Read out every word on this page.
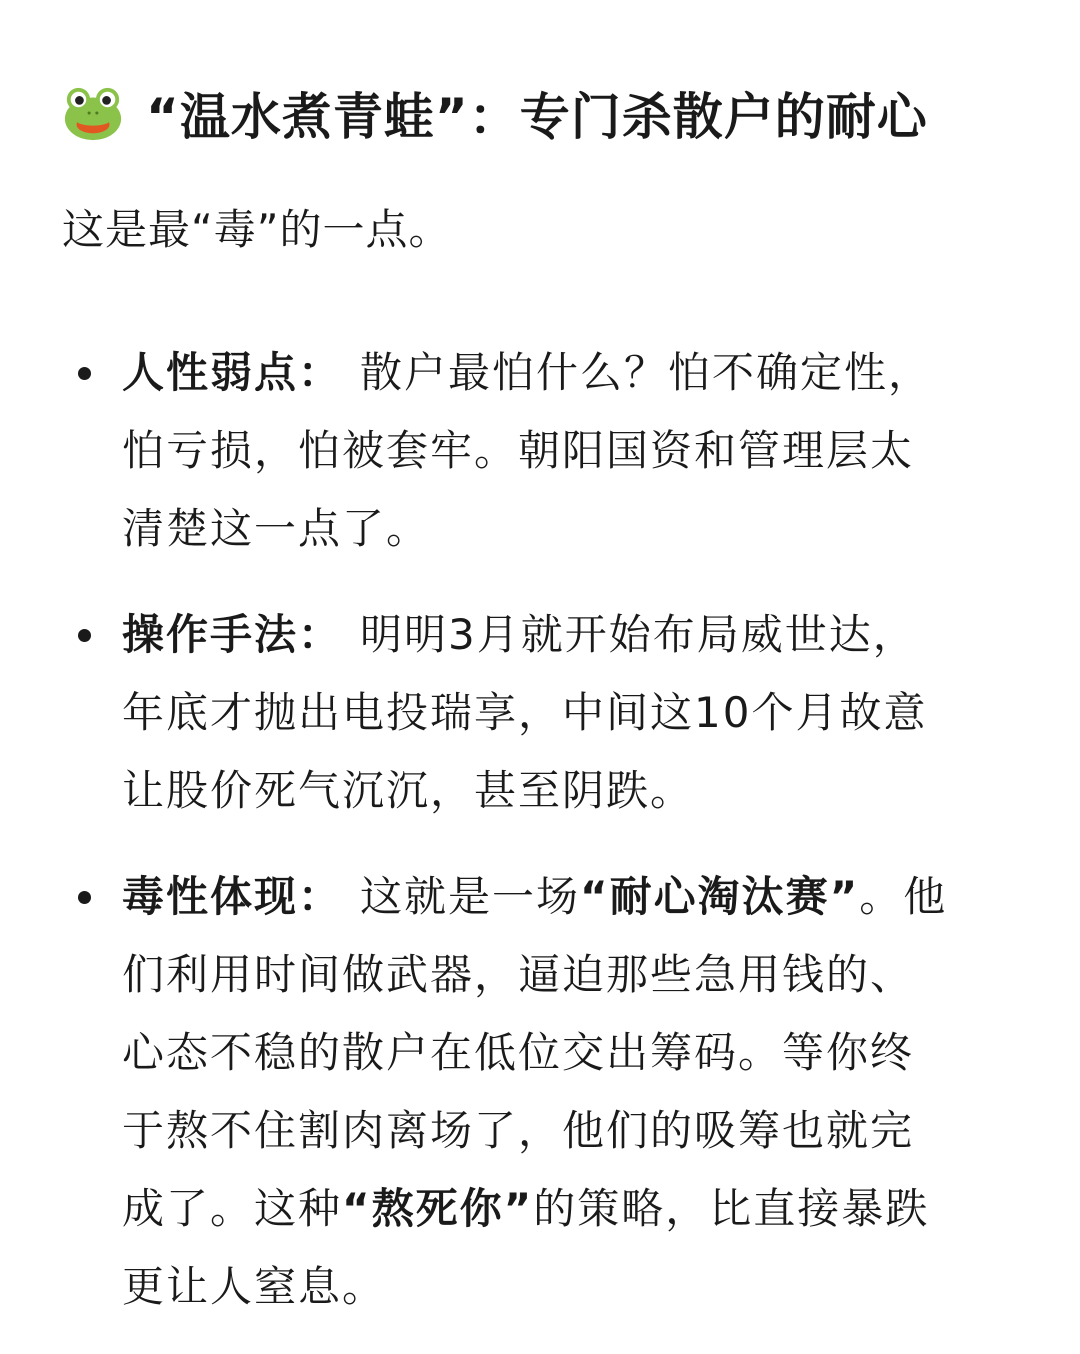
“温水煮青蛙”：专门杀散户的耐心
这是最“毒”的一点。
人性弱点： 散户最怕什么？怕不确定性，
怕亏损，怕被套牢。朝阳国资和管理层太
清楚这一点了。
操作手法： 明明3月就开始布局威世达，
年底才抛出电投瑞享，中间这10个月故意
让股价死气沉沉，甚至阴跌。
毒性体现： 这就是一场“耐心淘汰赛”。他
们利用时间做武器，逼迫那些急用钱的、
心态不稳的散户在低位交出筹码。等你终
于熬不住割肉离场了，他们的吸筹也就完
成了。这种“熬死你”的策略，比直接暴跌
更让人窒息。
